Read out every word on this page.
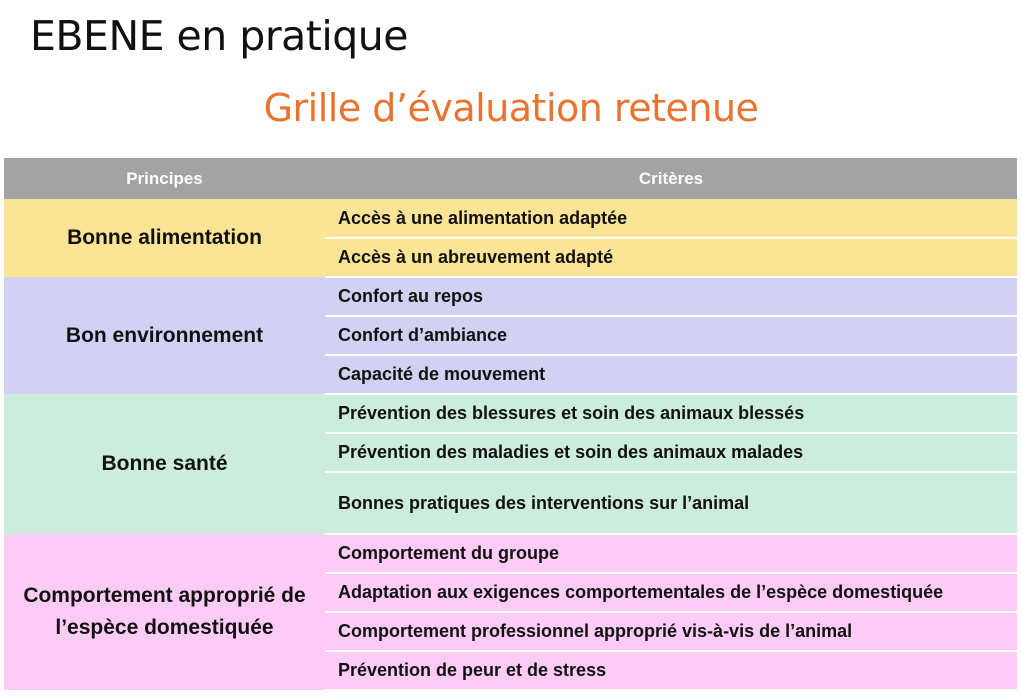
EBENE en pratique
Grille d’évaluation retenue
Principes	Critères
Bonne alimentation	Accès à une alimentation adaptée
	Accès à un abreuvement adapté
Bon environnement	Confort au repos
	Confort d’ambiance
	Capacité de mouvement
Bonne santé	Prévention des blessures et soin des animaux blessés
	Prévention des maladies et soin des animaux malades
	Bonnes pratiques des interventions sur l’animal
Comportement approprié de l’espèce domestiquée	Comportement du groupe
	Adaptation aux exigences comportementales de l’espèce domestiquée
	Comportement professionnel approprié vis-à-vis de l’animal
	Prévention de peur et de stress
